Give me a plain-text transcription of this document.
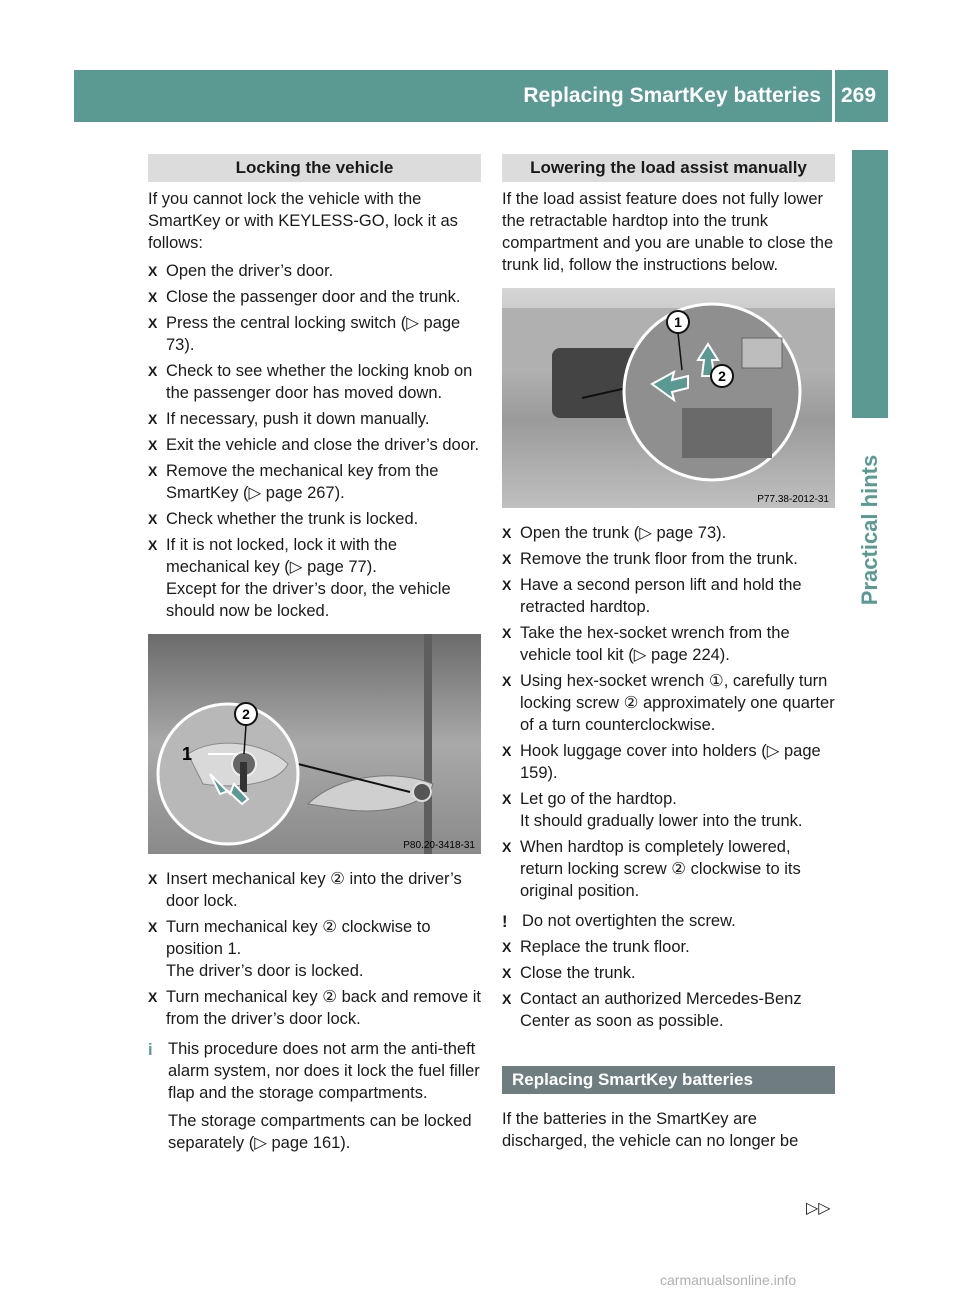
Replacing SmartKey batteries 269
Practical hints
Locking the vehicle

If you cannot lock the vehicle with the SmartKey or with KEYLESS-GO, lock it as follows:

X Open the driver’s door.
X Close the passenger door and the trunk.
X Press the central locking switch (▷ page 73).
X Check to see whether the locking knob on the passenger door has moved down.
X If necessary, push it down manually.
X Exit the vehicle and close the driver’s door.
X Remove the mechanical key from the SmartKey (▷ page 267).
X Check whether the trunk is locked.
X If it is not locked, lock it with the mechanical key (▷ page 77).
Except for the driver’s door, the vehicle should now be locked.
2
1
P80.20-3418-31
X Insert mechanical key ② into the driver’s door lock.
X Turn mechanical key ② clockwise to position 1.
The driver’s door is locked.
X Turn mechanical key ② back and remove it from the driver’s door lock.
i This procedure does not arm the anti-theft alarm system, nor does it lock the fuel filler flap and the storage compartments.

The storage compartments can be locked separately (▷ page 161).

Lowering the load assist manually

If the load assist feature does not fully lower the retractable hardtop into the trunk compartment and you are unable to close the trunk lid, follow the instructions below.

1
2
P77.38-2012-31
X Open the trunk (▷ page 73).
X Remove the trunk floor from the trunk.
X Have a second person lift and hold the retracted hardtop.
X Take the hex-socket wrench from the vehicle tool kit (▷ page 224).
X Using hex-socket wrench ①, carefully turn locking screw ② approximately one quarter of a turn counterclockwise.
X Hook luggage cover into holders (▷ page 159).
X Let go of the hardtop.
It should gradually lower into the trunk.
X When hardtop is completely lowered, return locking screw ② clockwise to its original position.
! Do not overtighten the screw.
X Replace the trunk floor.
X Close the trunk.
X Contact an authorized Mercedes-Benz Center as soon as possible.
Replacing SmartKey batteries

If the batteries in the SmartKey are discharged, the vehicle can no longer be

▷▷
carmanualsonline.info
